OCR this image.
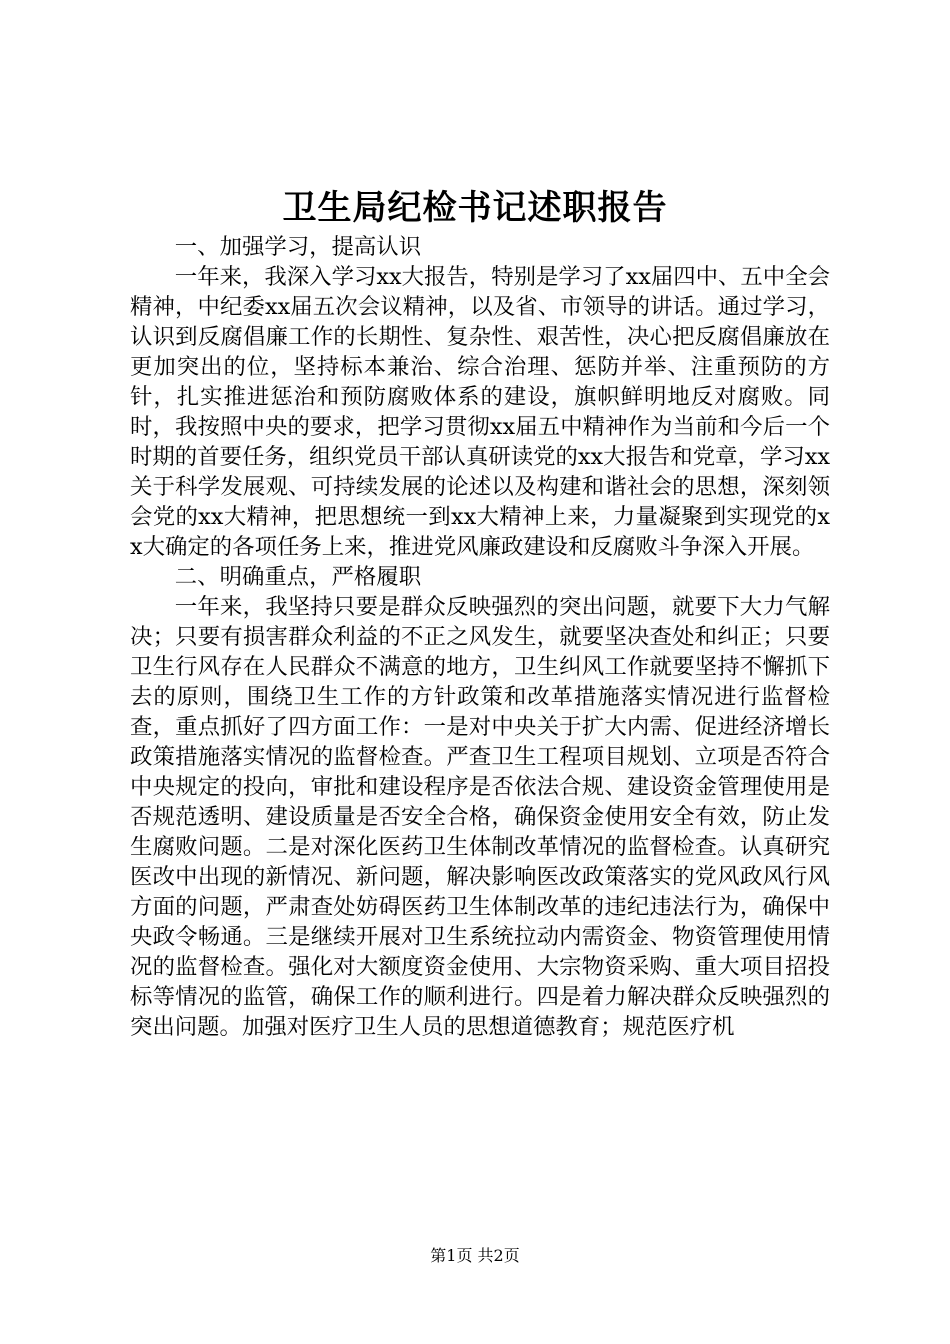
卫生局纪检书记述职报告

一、加强学习，提高认识

一年来，我深入学习xx大报告，特别是学习了xx届四中、五中全会精神，中纪委xx届五次会议精神，以及省、市领导的讲话。通过学习，认识到反腐倡廉工作的长期性、复杂性、艰苦性，决心把反腐倡廉放在更加突出的位，坚持标本兼治、综合治理、惩防并举、注重预防的方针，扎实推进惩治和预防腐败体系的建设，旗帜鲜明地反对腐败。同时，我按照中央的要求，把学习贯彻xx届五中精神作为当前和今后一个时期的首要任务，组织党员干部认真研读党的xx大报告和党章，学习xx关于科学发展观、可持续发展的论述以及构建和谐社会的思想，深刻领会党的xx大精神，把思想统一到xx大精神上来，力量凝聚到实现党的xx大确定的各项任务上来，推进党风廉政建设和反腐败斗争深入开展。

二、明确重点，严格履职

一年来，我坚持只要是群众反映强烈的突出问题，就要下大力气解决；只要有损害群众利益的不正之风发生，就要坚决查处和纠正；只要卫生行风存在人民群众不满意的地方，卫生纠风工作就要坚持不懈抓下去的原则，围绕卫生工作的方针政策和改革措施落实情况进行监督检查，重点抓好了四方面工作：一是对中央关于扩大内需、促进经济增长政策措施落实情况的监督检查。严查卫生工程项目规划、立项是否符合中央规定的投向，审批和建设程序是否依法合规、建设资金管理使用是否规范透明、建设质量是否安全合格，确保资金使用安全有效，防止发生腐败问题。二是对深化医药卫生体制改革情况的监督检查。认真研究医改中出现的新情况、新问题，解决影响医改政策落实的党风政风行风方面的问题，严肃查处妨碍医药卫生体制改革的违纪违法行为，确保中央政令畅通。三是继续开展对卫生系统拉动内需资金、物资管理使用情况的监督检查。强化对大额度资金使用、大宗物资采购、重大项目招投标等情况的监管，确保工作的顺利进行。四是着力解决群众反映强烈的突出问题。加强对医疗卫生人员的思想道德教育；规范医疗机

第1页 共2页
